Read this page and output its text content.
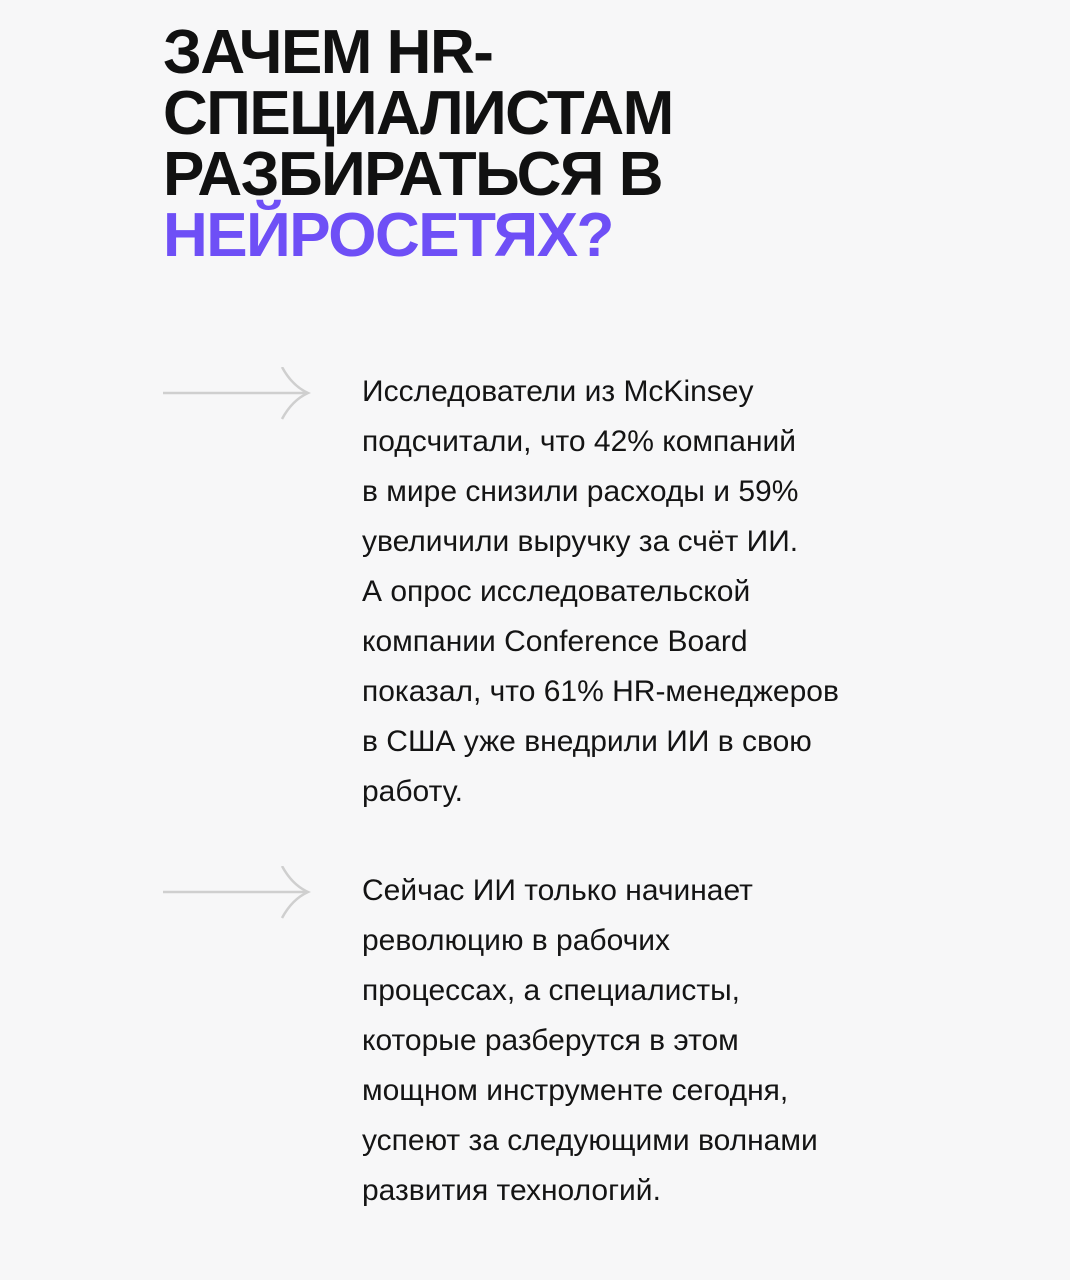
ЗАЧЕМ HR-
СПЕЦИАЛИСТАМ
РАЗБИРАТЬСЯ В
НЕЙРОСЕТЯХ?

Исследователи из McKinsey
подсчитали, что 42% компаний
в мире снизили расходы и 59%
увеличили выручку за счёт ИИ.
А опрос исследовательской
компании Conference Board
показал, что 61% HR-менеджеров
в США уже внедрили ИИ в свою
работу.

Сейчас ИИ только начинает
революцию в рабочих
процессах, а специалисты,
которые разберутся в этом
мощном инструменте сегодня,
успеют за следующими волнами
развития технологий.
